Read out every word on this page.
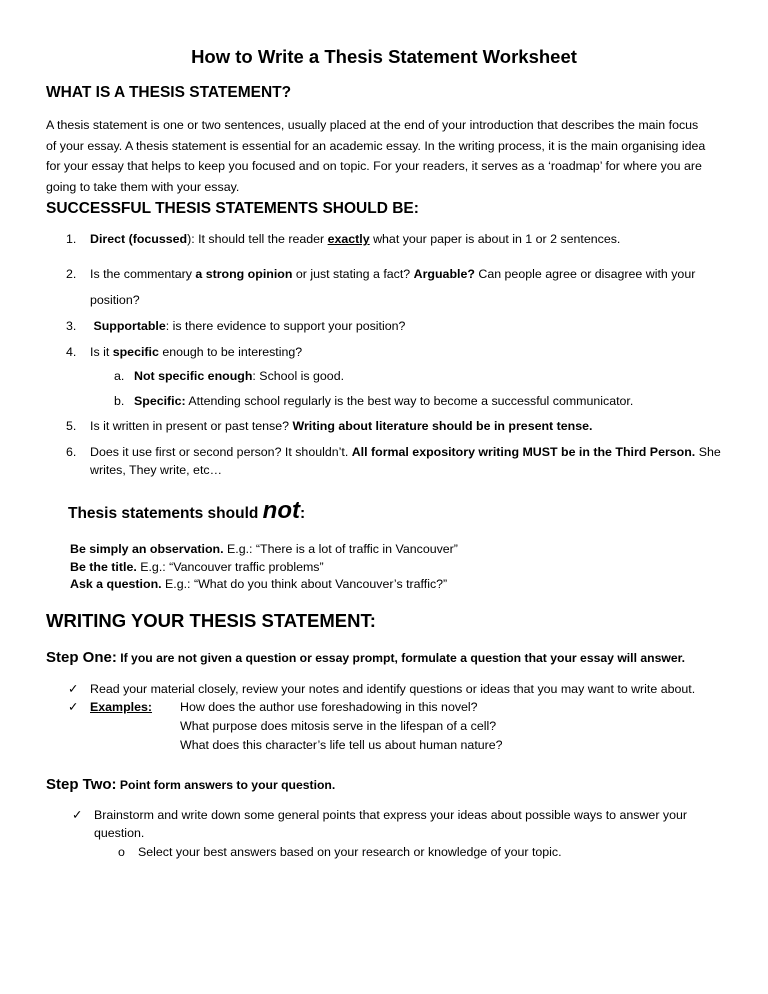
How to Write a Thesis Statement Worksheet
WHAT IS A THESIS STATEMENT?
A thesis statement is one or two sentences, usually placed at the end of your introduction that describes the main focus
of your essay. A thesis statement is essential for an academic essay. In the writing process, it is the main organising idea
for your essay that helps to keep you focused and on topic. For your readers, it serves as a ‘roadmap’ for where you are
going to take them with your essay.
SUCCESSFUL THESIS STATEMENTS SHOULD BE:
1. Direct (focussed): It should tell the reader exactly what your paper is about in 1 or 2 sentences.
2. Is the commentary a strong opinion or just stating a fact? Arguable? Can people agree or disagree with your
position?
3. Supportable: is there evidence to support your position?
4. Is it specific enough to be interesting?
a. Not specific enough: School is good.
b. Specific: Attending school regularly is the best way to become a successful communicator.
5. Is it written in present or past tense? Writing about literature should be in present tense.
6. Does it use first or second person? It shouldn’t. All formal expository writing MUST be in the Third Person. She
writes, They write, etc…
Thesis statements should not:
Be simply an observation. E.g.: “There is a lot of traffic in Vancouver”
Be the title. E.g.: “Vancouver traffic problems”
Ask a question. E.g.: “What do you think about Vancouver’s traffic?”
WRITING YOUR THESIS STATEMENT:
Step One: If you are not given a question or essay prompt, formulate a question that your essay will answer.
✓ Read your material closely, review your notes and identify questions or ideas that you may want to write about.
✓ Examples: How does the author use foreshadowing in this novel?
What purpose does mitosis serve in the lifespan of a cell?
What does this character’s life tell us about human nature?
Step Two: Point form answers to your question.
✓ Brainstorm and write down some general points that express your ideas about possible ways to answer your
question.
o Select your best answers based on your research or knowledge of your topic.
